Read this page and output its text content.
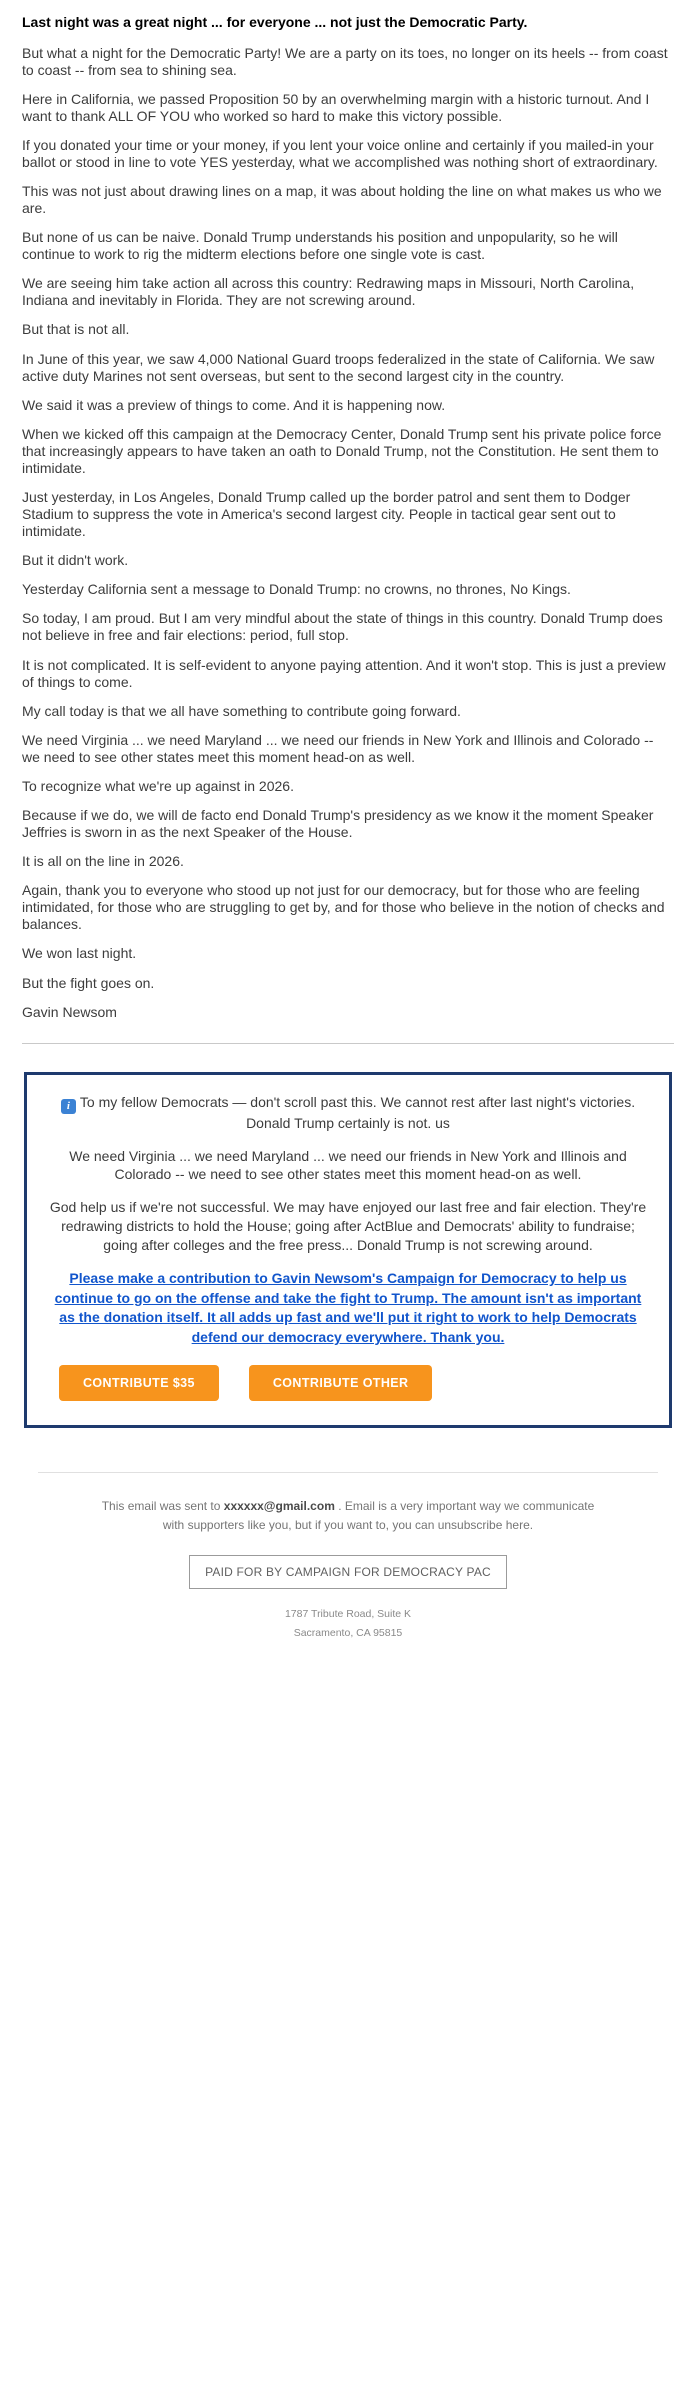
Last night was a great night ... for everyone ... not just the Democratic Party.

But what a night for the Democratic Party! We are a party on its toes, no longer on its heels -- from coast to coast -- from sea to shining sea.

Here in California, we passed Proposition 50 by an overwhelming margin with a historic turnout. And I want to thank ALL OF YOU who worked so hard to make this victory possible.

If you donated your time or your money, if you lent your voice online and certainly if you mailed-in your ballot or stood in line to vote YES yesterday, what we accomplished was nothing short of extraordinary.

This was not just about drawing lines on a map, it was about holding the line on what makes us who we are.

But none of us can be naive. Donald Trump understands his position and unpopularity, so he will continue to work to rig the midterm elections before one single vote is cast.

We are seeing him take action all across this country: Redrawing maps in Missouri, North Carolina, Indiana and inevitably in Florida. They are not screwing around.

But that is not all.

In June of this year, we saw 4,000 National Guard troops federalized in the state of California. We saw active duty Marines not sent overseas, but sent to the second largest city in the country.

We said it was a preview of things to come. And it is happening now.

When we kicked off this campaign at the Democracy Center, Donald Trump sent his private police force that increasingly appears to have taken an oath to Donald Trump, not the Constitution. He sent them to intimidate.

Just yesterday, in Los Angeles, Donald Trump called up the border patrol and sent them to Dodger Stadium to suppress the vote in America's second largest city. People in tactical gear sent out to intimidate.

But it didn't work.

Yesterday California sent a message to Donald Trump: no crowns, no thrones, No Kings.

So today, I am proud. But I am very mindful about the state of things in this country. Donald Trump does not believe in free and fair elections: period, full stop.

It is not complicated. It is self-evident to anyone paying attention. And it won't stop. This is just a preview of things to come.

My call today is that we all have something to contribute going forward.

We need Virginia ... we need Maryland ... we need our friends in New York and Illinois and Colorado -- we need to see other states meet this moment head-on as well.

To recognize what we're up against in 2026.

Because if we do, we will de facto end Donald Trump's presidency as we know it the moment Speaker Jeffries is sworn in as the next Speaker of the House.

It is all on the line in 2026.

Again, thank you to everyone who stood up not just for our democracy, but for those who are feeling intimidated, for those who are struggling to get by, and for those who believe in the notion of checks and balances.

We won last night.

But the fight goes on.

Gavin Newsom

i To my fellow Democrats — don't scroll past this. We cannot rest after last night's victories. Donald Trump certainly is not. us

We need Virginia ... we need Maryland ... we need our friends in New York and Illinois and Colorado -- we need to see other states meet this moment head-on as well.

God help us if we're not successful. We may have enjoyed our last free and fair election. They're redrawing districts to hold the House; going after ActBlue and Democrats' ability to fundraise; going after colleges and the free press... Donald Trump is not screwing around.

Please make a contribution to Gavin Newsom's Campaign for Democracy to help us continue to go on the offense and take the fight to Trump. The amount isn't as important as the donation itself. It all adds up fast and we'll put it right to work to help Democrats defend our democracy everywhere. Thank you.

CONTRIBUTE $35	CONTRIBUTE OTHER

This email was sent to xxxxxx@gmail.com . Email is a very important way we communicate with supporters like you, but if you want to, you can unsubscribe here.

PAID FOR BY CAMPAIGN FOR DEMOCRACY PAC

1787 Tribute Road, Suite K

Sacramento, CA 95815
